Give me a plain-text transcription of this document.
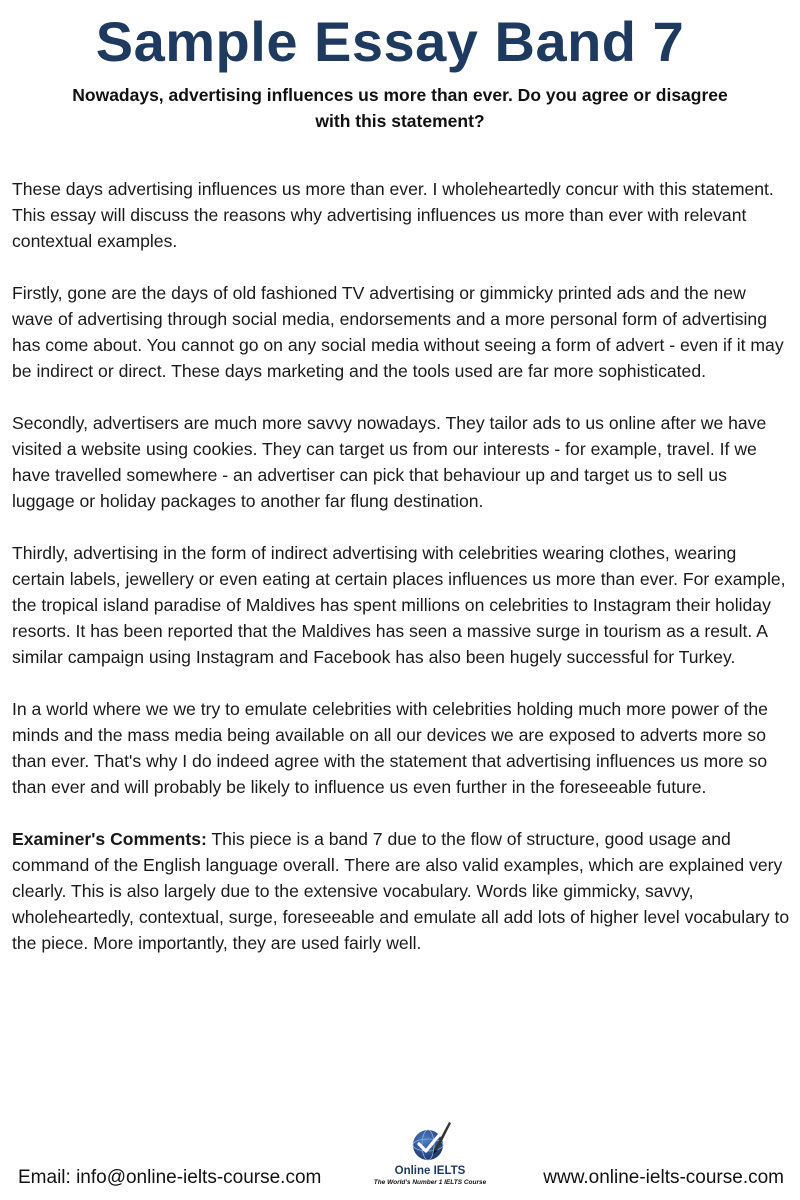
Sample Essay Band 7
Nowadays, advertising influences us more than ever. Do you agree or disagree
with this statement?

These days advertising influences us more than ever. I wholeheartedly concur with this statement. This essay will discuss the reasons why advertising influences us more than ever with relevant contextual examples.

Firstly, gone are the days of old fashioned TV advertising or gimmicky printed ads and the new wave of advertising through social media, endorsements and a more personal form of advertising has come about. You cannot go on any social media without seeing a form of advert - even if it may be indirect or direct. These days marketing and the tools used are far more sophisticated.

Secondly, advertisers are much more savvy nowadays. They tailor ads to us online after we have visited a website using cookies. They can target us from our interests - for example, travel. If we have travelled somewhere - an advertiser can pick that behaviour up and target us to sell us luggage or holiday packages to another far flung destination.

Thirdly, advertising in the form of indirect advertising with celebrities wearing clothes, wearing certain labels, jewellery or even eating at certain places influences us more than ever. For example, the tropical island paradise of Maldives has spent millions on celebrities to Instagram their holiday resorts. It has been reported that the Maldives has seen a massive surge in tourism as a result. A similar campaign using Instagram and Facebook has also been hugely successful for Turkey.

In a world where we we try to emulate celebrities with celebrities holding much more power of the minds and the mass media being available on all our devices we are exposed to adverts more so than ever. That's why I do indeed agree with the statement that advertising influences us more so than ever and will probably be likely to influence us even further in the foreseeable future.

Examiner's Comments: This piece is a band 7 due to the flow of structure, good usage and command of the English language overall. There are also valid examples, which are explained very clearly. This is also largely due to the extensive vocabulary. Words like gimmicky, savvy, wholeheartedly, contextual, surge, foreseeable and emulate all add lots of higher level vocabulary to the piece. More importantly, they are used fairly well.

Email: info@online-ielts-course.com	Online IELTS
The World's Number 1 IELTS Course	www.online-ielts-course.com
